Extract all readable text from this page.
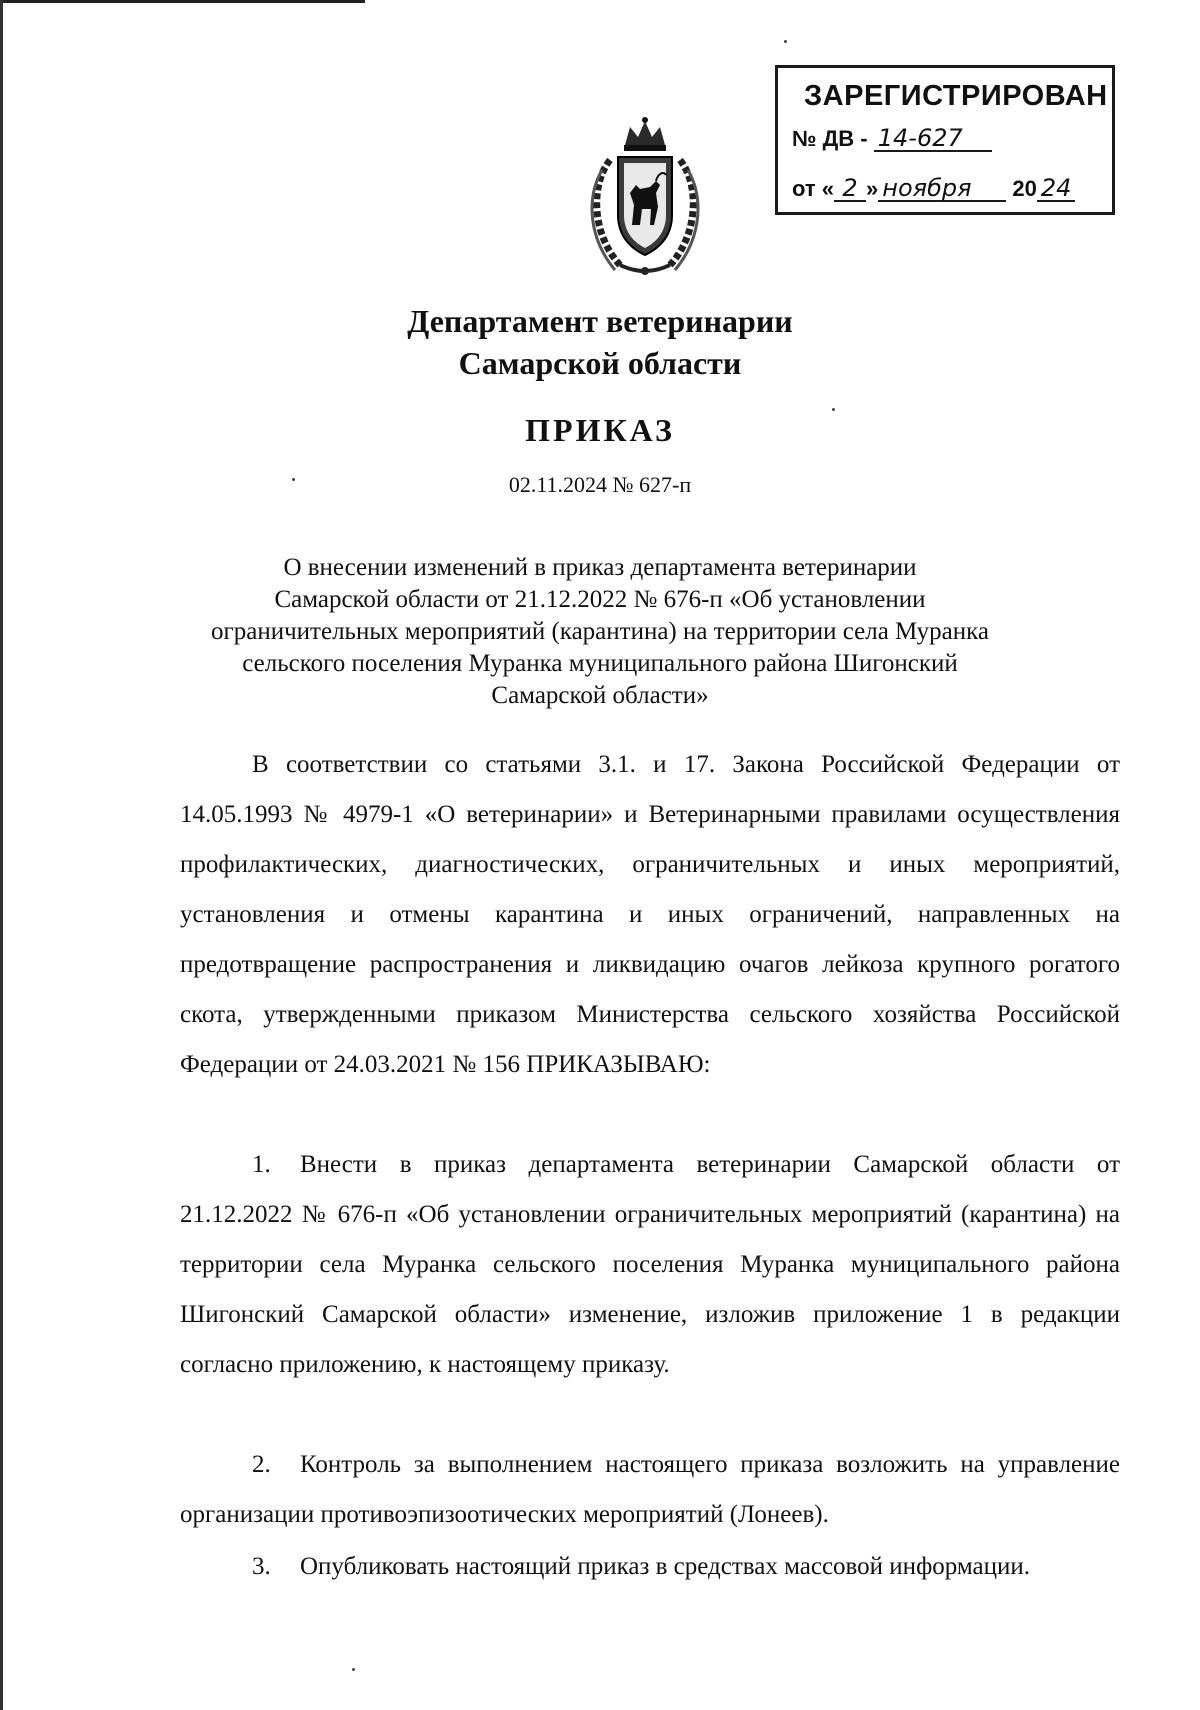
ЗАРЕГИСТРИРОВАН
№ ДВ - 14-627
от « 2 » ноября 20 24
Департамент ветеринарии
Самарской области
ПРИКАЗ
02.11.2024 № 627-п
О внесении изменений в приказ департамента ветеринарии
Самарской области от 21.12.2022 № 676-п «Об установлении
ограничительных мероприятий (карантина) на территории села Муранка
сельского поселения Муранка муниципального района Шигонский
Самарской области»
В соответствии со статьями 3.1. и 17. Закона Российской Федерации от 14.05.1993 № 4979-1 «О ветеринарии» и Ветеринарными правилами осуществления профилактических, диагностических, ограничительных и иных мероприятий, установления и отмены карантина и иных ограничений, направленных на предотвращение распространения и ликвидацию очагов лейкоза крупного рогатого скота, утвержденными приказом Министерства сельского хозяйства Российской Федерации от 24.03.2021 № 156 ПРИКАЗЫВАЮ:
1. Внести в приказ департамента ветеринарии Самарской области от 21.12.2022 № 676-п «Об установлении ограничительных мероприятий (карантина) на территории села Муранка сельского поселения Муранка муниципального района Шигонский Самарской области» изменение, изложив приложение 1 в редакции согласно приложению, к настоящему приказу.
2. Контроль за выполнением настоящего приказа возложить на управление организации противоэпизоотических мероприятий (Лонеев).
3. Опубликовать настоящий приказ в средствах массовой информации.
